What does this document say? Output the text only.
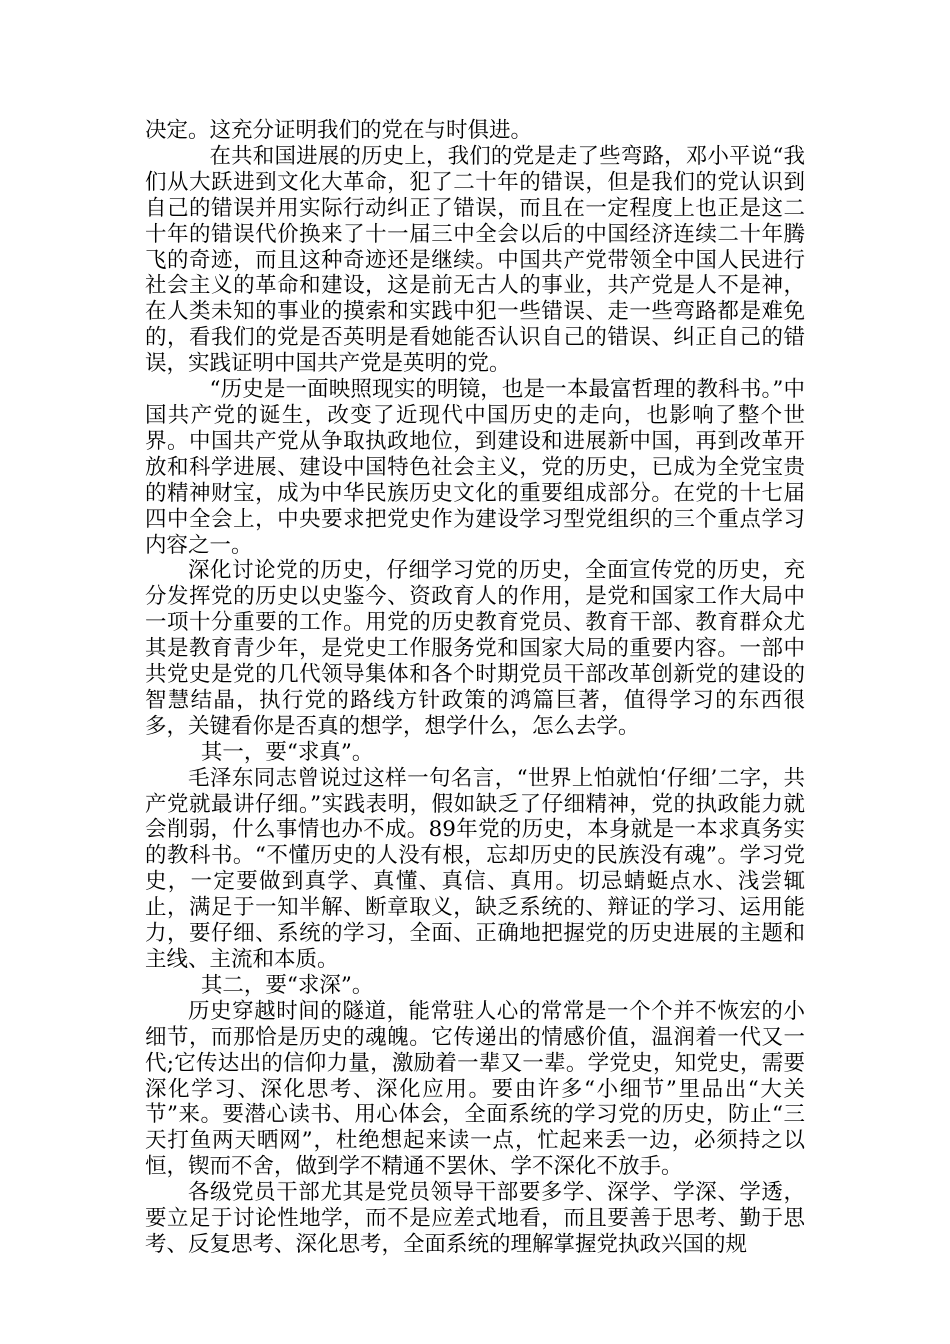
决定。这充分证明我们的党在与时俱进。

在共和国进展的历史上，我们的党是走了些弯路，邓小平说“我们从大跃进到文化大革命，犯了二十年的错误，但是我们的党认识到自己的错误并用实际行动纠正了错误，而且在一定程度上也正是这二十年的错误代价换来了十一届三中全会以后的中国经济连续二十年腾飞的奇迹，而且这种奇迹还是继续。中国共产党带领全中国人民进行社会主义的革命和建设，这是前无古人的事业，共产党是人不是神，在人类未知的事业的摸索和实践中犯一些错误、走一些弯路都是难免的，看我们的党是否英明是看她能否认识自己的错误、纠正自己的错误，实践证明中国共产党是英明的党。

“历史是一面映照现实的明镜，也是一本最富哲理的教科书。”中国共产党的诞生，改变了近现代中国历史的走向，也影响了整个世界。中国共产党从争取执政地位，到建设和进展新中国，再到改革开放和科学进展、建设中国特色社会主义，党的历史，已成为全党宝贵的精神财宝，成为中华民族历史文化的重要组成部分。在党的十七届四中全会上，中央要求把党史作为建设学习型党组织的三个重点学习内容之一。

深化讨论党的历史，仔细学习党的历史，全面宣传党的历史，充分发挥党的历史以史鉴今、资政育人的作用，是党和国家工作大局中一项十分重要的工作。用党的历史教育党员、教育干部、教育群众尤其是教育青少年，是党史工作服务党和国家大局的重要内容。一部中共党史是党的几代领导集体和各个时期党员干部改革创新党的建设的智慧结晶，执行党的路线方针政策的鸿篇巨著，值得学习的东西很多，关键看你是否真的想学，想学什么，怎么去学。

其一，要“求真”。

毛泽东同志曾说过这样一句名言，“世界上怕就怕‘仔细’二字，共产党就最讲仔细。”实践表明，假如缺乏了仔细精神，党的执政能力就会削弱，什么事情也办不成。89年党的历史，本身就是一本求真务实的教科书。“不懂历史的人没有根，忘却历史的民族没有魂”。学习党史，一定要做到真学、真懂、真信、真用。切忌蜻蜓点水、浅尝辄止，满足于一知半解、断章取义，缺乏系统的、辩证的学习、运用能力，要仔细、系统的学习，全面、正确地把握党的历史进展的主题和主线、主流和本质。

其二，要“求深”。

历史穿越时间的隧道，能常驻人心的常常是一个个并不恢宏的小细节，而那恰是历史的魂魄。它传递出的情感价值，温润着一代又一代;它传达出的信仰力量，激励着一辈又一辈。学党史，知党史，需要深化学习、深化思考、深化应用。要由许多“小细节”里品出“大关节”来。要潜心读书、用心体会，全面系统的学习党的历史，防止“三天打鱼两天晒网”，杜绝想起来读一点，忙起来丢一边，必须持之以恒，锲而不舍，做到学不精通不罢休、学不深化不放手。

各级党员干部尤其是党员领导干部要多学、深学、学深、学透，要立足于讨论性地学，而不是应差式地看，而且要善于思考、勤于思考、反复思考、深化思考，全面系统的理解掌握党执政兴国的规
